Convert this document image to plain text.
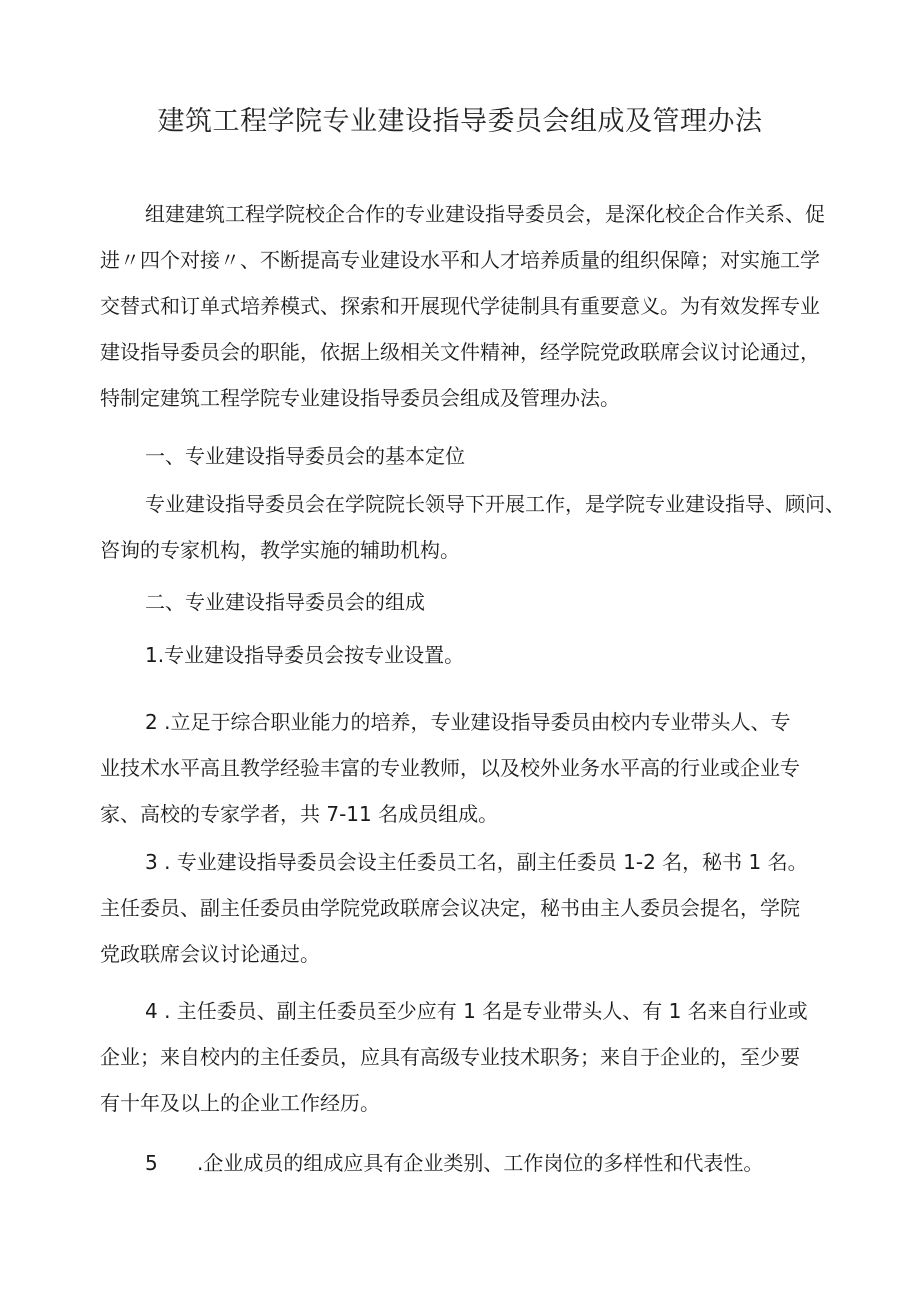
建筑工程学院专业建设指导委员会组成及管理办法
组建建筑工程学院校企合作的专业建设指导委员会，是深化校企合作关系、促
进〃四个对接〃、不断提高专业建设水平和人才培养质量的组织保障；对实施工学
交替式和订单式培养模式、探索和开展现代学徒制具有重要意义。为有效发挥专业
建设指导委员会的职能，依据上级相关文件精神，经学院党政联席会议讨论通过，
特制定建筑工程学院专业建设指导委员会组成及管理办法。
一、专业建设指导委员会的基本定位
专业建设指导委员会在学院院长领导下开展工作，是学院专业建设指导、顾问、
咨询的专家机构，教学实施的辅助机构。
二、专业建设指导委员会的组成
1.专业建设指导委员会按专业设置。
2 .立足于综合职业能力的培养，专业建设指导委员由校内专业带头人、专
业技术水平高且教学经验丰富的专业教师，以及校外业务水平高的行业或企业专
家、高校的专家学者，共 7-11 名成员组成。
3 . 专业建设指导委员会设主任委员工名，副主任委员 1-2 名，秘书 1 名。
主任委员、副主任委员由学院党政联席会议决定，秘书由主人委员会提名，学院
党政联席会议讨论通过。
4 . 主任委员、副主任委员至少应有 1 名是专业带头人、有 1 名来自行业或
企业；来自校内的主任委员，应具有高级专业技术职务；来自于企业的，至少要
有十年及以上的企业工作经历。
5 .企业成员的组成应具有企业类别、工作岗位的多样性和代表性。
